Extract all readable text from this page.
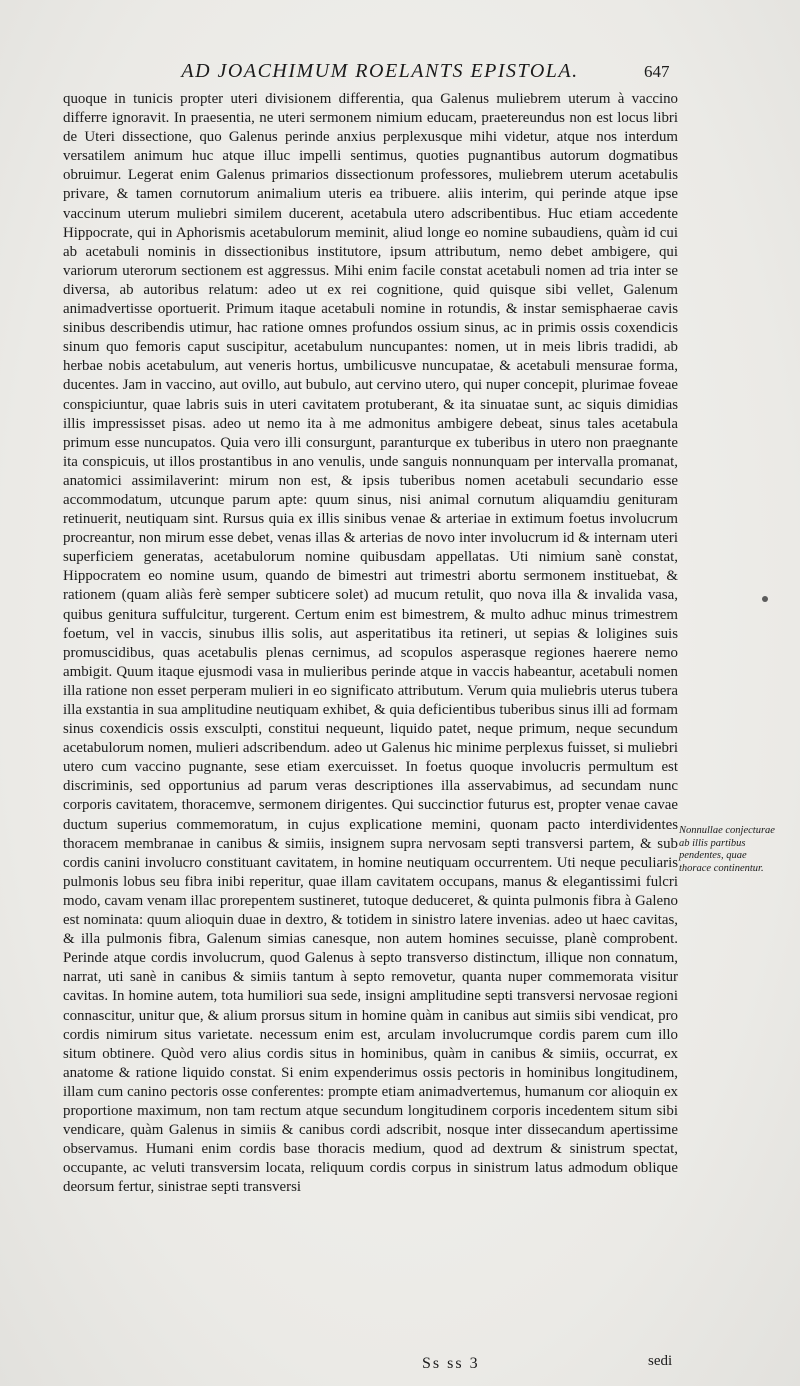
AD JOACHIMUM ROELANTS EPISTOLA.	647

quoque in tunicis propter uteri divisionem differentia, qua Galenus muliebrem uterum à vaccino differre ignoravit. In praesentia, ne uteri sermonem nimium educam, praetereundus non est locus libri de Uteri dissectione, quo Galenus perinde anxius perplexusque mihi videtur, atque nos interdum versatilem animum huc atque illuc impelli sentimus, quoties pugnantibus autorum dogmatibus obruimur. Legerat enim Galenus primarios dissectionum professores, muliebrem uterum acetabulis privare, & tamen cornutorum animalium uteris ea tribuere. aliis interim, qui perinde atque ipse vaccinum uterum muliebri similem ducerent, acetabula utero adscribentibus. Huc etiam accedente Hippocrate, qui in Aphorismis acetabulorum meminit, aliud longe eo nomine subaudiens, quàm id cui ab acetabuli nominis in dissectionibus institutore, ipsum attributum, nemo debet ambigere, qui variorum uterorum sectionem est aggressus. Mihi enim facile constat acetabuli nomen ad tria inter se diversa, ab autoribus relatum: adeo ut ex rei cognitione, quid quisque sibi vellet, Galenum animadvertisse oportuerit. Primum itaque acetabuli nomine in rotundis, & instar semisphaerae cavis sinibus describendis utimur, hac ratione omnes profundos ossium sinus, ac in primis ossis coxendicis sinum quo femoris caput suscipitur, acetabulum nuncupantes: nomen, ut in meis libris tradidi, ab herbae nobis acetabulum, aut veneris hortus, umbilicusve nuncupatae, & acetabuli mensurae forma, ducentes. Jam in vaccino, aut ovillo, aut bubulo, aut cervino utero, qui nuper concepit, plurimae foveae conspiciuntur, quae labris suis in uteri cavitatem protuberant, & ita sinuatae sunt, ac siquis dimidias illis impressisset pisas. adeo ut nemo ita à me admonitus ambigere debeat, sinus tales acetabula primum esse nuncupatos. Quia vero illi consurgunt, paranturque ex tuberibus in utero non praegnante ita conspicuis, ut illos prostantibus in ano venulis, unde sanguis nonnunquam per intervalla promanat, anatomici assimilaverint: mirum non est, & ipsis tuberibus nomen acetabuli secundario esse accommodatum, utcunque parum apte: quum sinus, nisi animal cornutum aliquamdiu genituram retinuerit, neutiquam sint. Rursus quia ex illis sinibus venae & arteriae in extimum foetus involucrum procreantur, non mirum esse debet, venas illas & arterias de novo inter involucrum id & internam uteri superficiem generatas, acetabulorum nomine quibusdam appellatas. Uti nimium sanè constat, Hippocratem eo nomine usum, quando de bimestri aut trimestri abortu sermonem instituebat, & rationem (quam aliàs ferè semper subticere solet) ad mucum retulit, quo nova illa & invalida vasa, quibus genitura suffulcitur, turgerent. Certum enim est bimestrem, & multo adhuc minus trimestrem foetum, vel in vaccis, sinubus illis solis, aut asperitatibus ita retineri, ut sepias & loligines suis promuscidibus, quas acetabulis plenas cernimus, ad scopulos asperasque regiones haerere nemo ambigit. Quum itaque ejusmodi vasa in mulieribus perinde atque in vaccis habeantur, acetabuli nomen illa ratione non esset perperam mulieri in eo significato attributum. Verum quia muliebris uterus tubera illa exstantia in sua amplitudine neutiquam exhibet, & quia deficientibus tuberibus sinus illi ad formam sinus coxendicis ossis exsculpti, constitui nequeunt, liquido patet, neque primum, neque secundum acetabulorum nomen, mulieri adscribendum. adeo ut Galenus hic minime perplexus fuisset, si muliebri utero cum vaccino pugnante, sese etiam exercuisset. In foetus quoque involucris permultum est discriminis, sed opportunius ad parum veras descriptiones illa asservabimus, ad secundam nunc corporis cavitatem, thoracemve, sermonem dirigentes. Qui succinctior futurus est, propter venae cavae ductum superius commemoratum, in cujus explicatione memini, quonam pacto interdividentes thoracem membranae in canibus & simiis, insignem supra nervosam septi transversi partem, & sub cordis canini involucro constituant cavitatem, in homine neutiquam occurrentem. Uti neque peculiaris pulmonis lobus seu fibra inibi reperitur, quae illam cavitatem occupans, manus & elegantissimi fulcri modo, cavam venam illac prorepentem sustineret, tutoque deduceret, & quinta pulmonis fibra à Galeno est nominata: quum alioquin duae in dextro, & totidem in sinistro latere invenias. adeo ut haec cavitas, & illa pulmonis fibra, Galenum simias canesque, non autem homines secuisse, planè comprobent. Perinde atque cordis involucrum, quod Galenus à septo transverso distinctum, illique non connatum, narrat, uti sanè in canibus & simiis tantum à septo removetur, quanta nuper commemorata visitur cavitas. In homine autem, tota humiliori sua sede, insigni amplitudine septi transversi nervosae regioni connascitur, unitur que, & alium prorsus situm in homine quàm in canibus aut simiis sibi vendicat, pro cordis nimirum situs varietate. necessum enim est, arculam involucrumque cordis parem cum illo situm obtinere. Quòd vero alius cordis situs in hominibus, quàm in canibus & simiis, occurrat, ex anatome & ratione liquido constat. Si enim expenderimus ossis pectoris in hominibus longitudinem, illam cum canino pectoris osse conferentes: prompte etiam animadvertemus, humanum cor alioquin ex proportione maximum, non tam rectum atque secundum longitudinem corporis incedentem situm sibi vendicare, quàm Galenus in simiis & canibus cordi adscribit, nosque inter dissecandum apertissime observamus. Humani enim cordis base thoracis medium, quod ad dextrum & sinistrum spectat, occupante, ac veluti transversim locata, reliquum cordis corpus in sinistrum latus admodum oblique deorsum fertur, sinistrae septi transversi

Nonnullae conjecturae ab illis partibus pendentes, quae thorace continentur.
Ss ss 3	sedi
